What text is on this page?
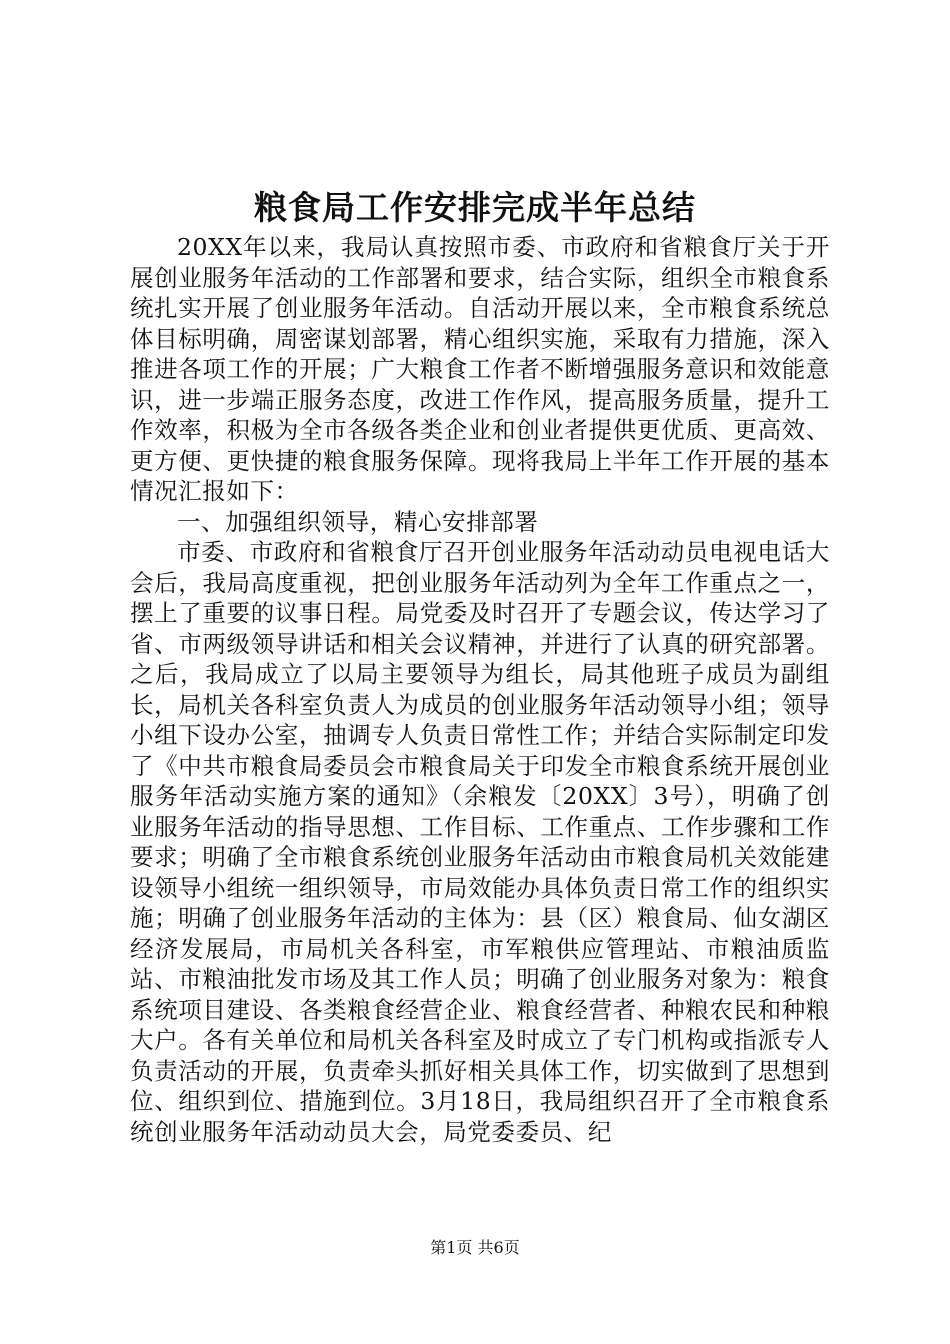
粮食局工作安排完成半年总结

20XX年以来，我局认真按照市委、市政府和省粮食厅关于开展创业服务年活动的工作部署和要求，结合实际，组织全市粮食系统扎实开展了创业服务年活动。自活动开展以来，全市粮食系统总体目标明确，周密谋划部署，精心组织实施，采取有力措施，深入推进各项工作的开展；广大粮食工作者不断增强服务意识和效能意识，进一步端正服务态度，改进工作作风，提高服务质量，提升工作效率，积极为全市各级各类企业和创业者提供更优质、更高效、更方便、更快捷的粮食服务保障。现将我局上半年工作开展的基本情况汇报如下：

一、加强组织领导，精心安排部署

市委、市政府和省粮食厅召开创业服务年活动动员电视电话大会后，我局高度重视，把创业服务年活动列为全年工作重点之一，摆上了重要的议事日程。局党委及时召开了专题会议，传达学习了省、市两级领导讲话和相关会议精神，并进行了认真的研究部署。之后，我局成立了以局主要领导为组长，局其他班子成员为副组长，局机关各科室负责人为成员的创业服务年活动领导小组；领导小组下设办公室，抽调专人负责日常性工作；并结合实际制定印发了《中共市粮食局委员会市粮食局关于印发全市粮食系统开展创业服务年活动实施方案的通知》（余粮发〔20XX〕3号），明确了创业服务年活动的指导思想、工作目标、工作重点、工作步骤和工作要求；明确了全市粮食系统创业服务年活动由市粮食局机关效能建设领导小组统一组织领导，市局效能办具体负责日常工作的组织实施；明确了创业服务年活动的主体为：县（区）粮食局、仙女湖区经济发展局，市局机关各科室，市军粮供应管理站、市粮油质监站、市粮油批发市场及其工作人员；明确了创业服务对象为：粮食系统项目建设、各类粮食经营企业、粮食经营者、种粮农民和种粮大户。各有关单位和局机关各科室及时成立了专门机构或指派专人负责活动的开展，负责牵头抓好相关具体工作，切实做到了思想到位、组织到位、措施到位。3月18日，我局组织召开了全市粮食系统创业服务年活动动员大会，局党委委员、纪

第1页 共6页
